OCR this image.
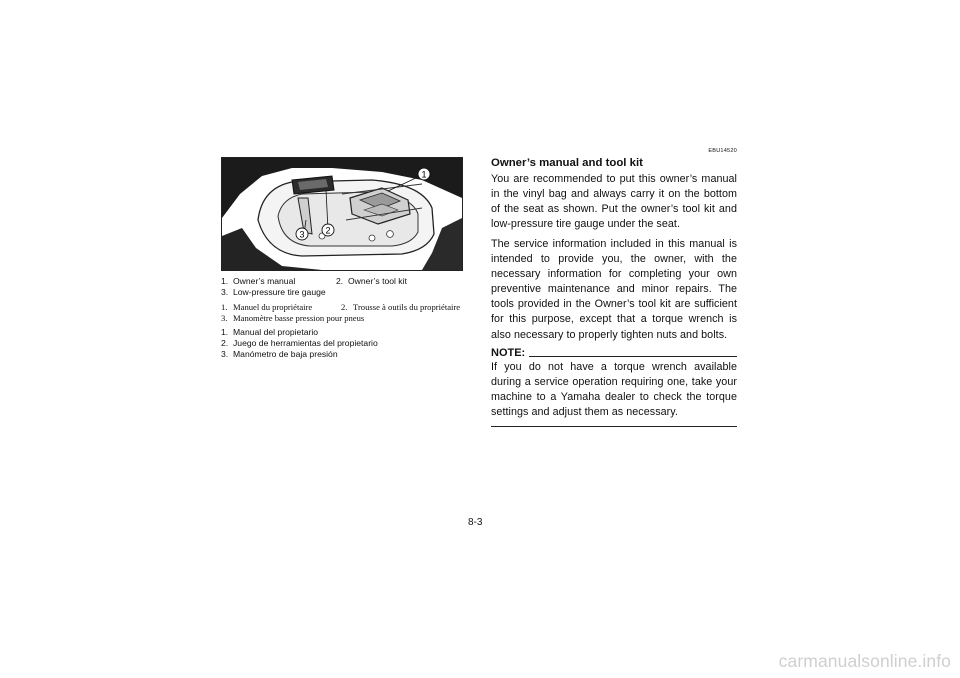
1
2
3
1. Owner’s manual	2. Owner’s tool kit
3. Low-pressure tire gauge
1. Manuel du propriétaire	2. Trousse à outils du propriétaire
3. Manomètre basse pression pour pneus
1. Manual del propietario
2. Juego de herramientas del propietario
3. Manómetro de baja presión
EBU14520
Owner’s manual and tool kit

You are recommended to put this owner’s manual in the vinyl bag and always carry it on the bottom of the seat as shown. Put the owner’s tool kit and low-pressure tire gauge under the seat.

The service information included in this manual is intended to provide you, the owner, with the necessary information for completing your own preventive maintenance and minor repairs. The tools provided in the Owner’s tool kit are sufficient for this purpose, except that a torque wrench is also necessary to properly tighten nuts and bolts.

NOTE:

If you do not have a torque wrench available during a service operation requiring one, take your machine to a Yamaha dealer to check the torque settings and adjust them as necessary.

8-3
carmanualsonline.info
